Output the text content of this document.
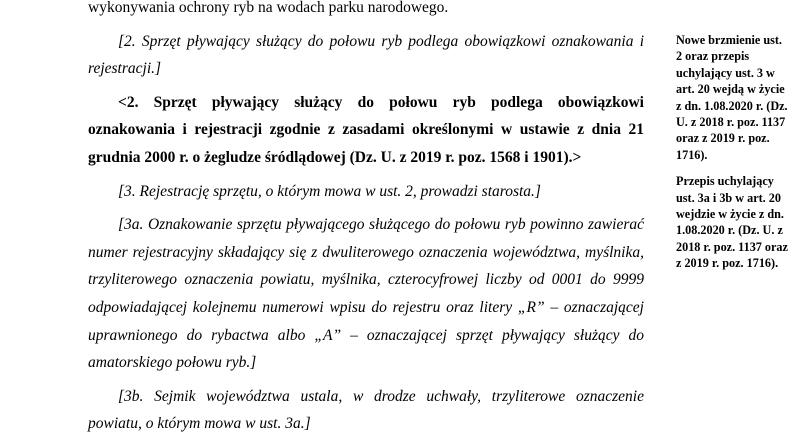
wykonywania ochrony ryb na wodach parku narodowego.

[2. Sprzęt pływający służący do połowu ryb podlega obowiązkowi oznakowania i rejestracji.]

<2. Sprzęt pływający służący do połowu ryb podlega obowiązkowi oznakowania i rejestracji zgodnie z zasadami określonymi w ustawie z dnia 21 grudnia 2000 r. o żegludze śródlądowej (Dz. U. z 2019 r. poz. 1568 i 1901).>

[3. Rejestrację sprzętu, o którym mowa w ust. 2, prowadzi starosta.]

[3a. Oznakowanie sprzętu pływającego służącego do połowu ryb powinno zawierać numer rejestracyjny składający się z dwuliterowego oznaczenia województwa, myślnika, trzyliterowego oznaczenia powiatu, myślnika, czterocyfrowej liczby od 0001 do 9999 odpowiadającej kolejnemu numerowi wpisu do rejestru oraz litery „R” – oznaczającej uprawnionego do rybactwa albo „A” – oznaczającej sprzęt pływający służący do amatorskiego połowu ryb.]

[3b. Sejmik województwa ustala, w drodze uchwały, trzyliterowe oznaczenie powiatu, o którym mowa w ust. 3a.]

Nowe brzmienie ust. 2 oraz przepis uchylający ust. 3 w art. 20 wejdą w życie z dn. 1.08.2020 r. (Dz. U. z 2018 r. poz. 1137 oraz z 2019 r. poz. 1716).

Przepis uchylający ust. 3a i 3b w art. 20 wejdzie w życie z dn. 1.08.2020 r. (Dz. U. z 2018 r. poz. 1137 oraz z 2019 r. poz. 1716).
